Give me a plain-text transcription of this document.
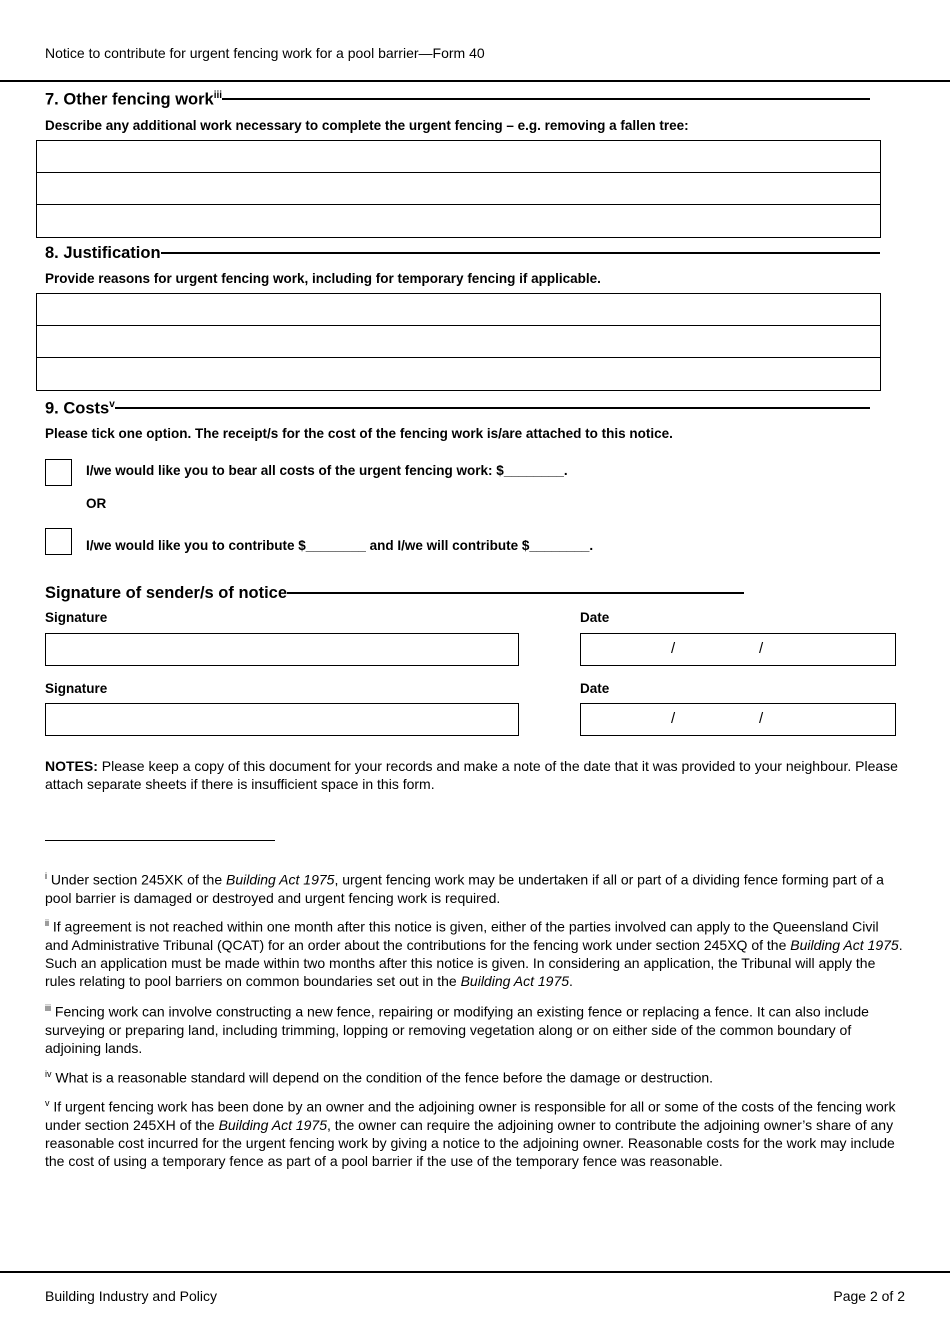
Notice to contribute for urgent fencing work for a pool barrier—Form 40
7. Other fencing work$^{iii}$
Describe any additional work necessary to complete the urgent fencing – e.g. removing a fallen tree:
8. Justification
Provide reasons for urgent fencing work, including for temporary fencing if applicable.
9. Costs$^v$
Please tick one option. The receipt/s for the cost of the fencing work is/are attached to this notice.
I/we would like you to bear all costs of the urgent fencing work: $________.
OR
I/we would like you to contribute $________ and I/we will contribute $________.
Signature of sender/s of notice
Signature	Date
/	/
Signature	Date
/	/
NOTES: Please keep a copy of this document for your records and make a note of the date that it was provided to your neighbour. Please attach separate sheets if there is insufficient space in this form.
$^i$ Under section 245XK of the Building Act 1975, urgent fencing work may be undertaken if all or part of a dividing fence forming part of a pool barrier is damaged or destroyed and urgent fencing work is required.
$^{ii}$ If agreement is not reached within one month after this notice is given, either of the parties involved can apply to the Queensland Civil and Administrative Tribunal (QCAT) for an order about the contributions for the fencing work under section 245XQ of the Building Act 1975. Such an application must be made within two months after this notice is given. In considering an application, the Tribunal will apply the rules relating to pool barriers on common boundaries set out in the Building Act 1975.
$^{iii}$ Fencing work can involve constructing a new fence, repairing or modifying an existing fence or replacing a fence. It can also include surveying or preparing land, including trimming, lopping or removing vegetation along or on either side of the common boundary of adjoining lands.
$^{iv}$ What is a reasonable standard will depend on the condition of the fence before the damage or destruction.
$^v$ If urgent fencing work has been done by an owner and the adjoining owner is responsible for all or some of the costs of the fencing work under section 245XH of the Building Act 1975, the owner can require the adjoining owner to contribute the adjoining owner’s share of any reasonable cost incurred for the urgent fencing work by giving a notice to the adjoining owner. Reasonable costs for the work may include the cost of using a temporary fence as part of a pool barrier if the use of the temporary fence was reasonable.
Building Industry and Policy	Page 2 of 2
